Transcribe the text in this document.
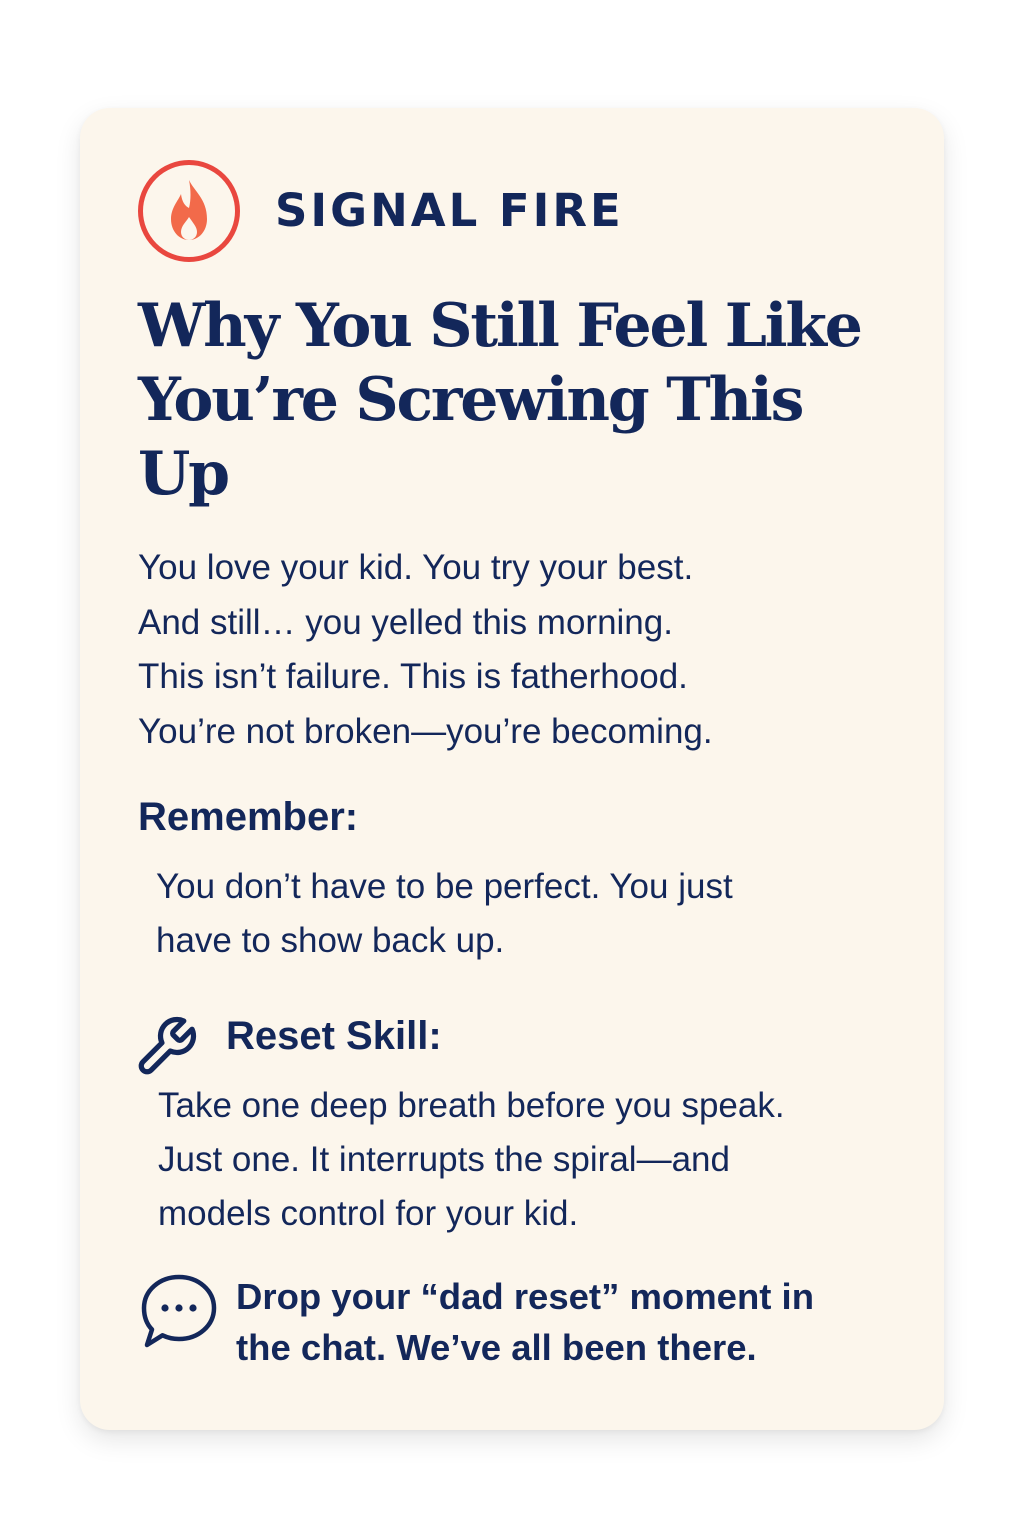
SIGNAL FIRE
Why You Still Feel Like
You’re Screwing This
Up
You love your kid. You try your best.
And still… you yelled this morning.
This isn’t failure. This is fatherhood.
You’re not broken—you’re becoming.
Remember:
You don’t have to be perfect. You just
have to show back up.
Reset Skill:
Take one deep breath before you speak.
Just one. It interrupts the spiral—and
models control for your kid.
Drop your “dad reset” moment in
the chat. We’ve all been there.
